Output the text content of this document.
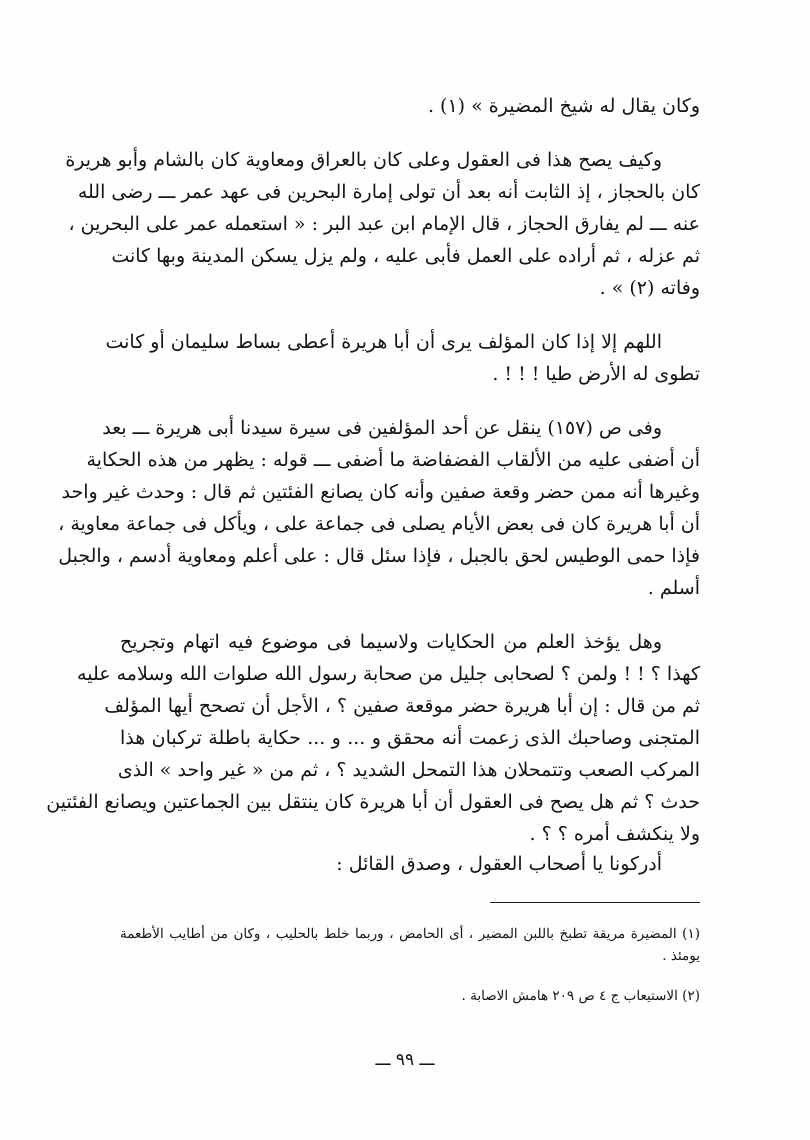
وكان يقال له شيخ المضيرة » (١) .
وكيف يصح هذا فى العقول وعلى كان بالعراق ومعاوية كان بالشام وأبو هريرة
كان بالحجاز ، إذ الثابت أنه بعد أن تولى إمارة البحرين فى عهد عمر ـــ رضى الله
عنه ـــ لم يفارق الحجاز ، قال الإمام ابن عبد البر : « استعمله عمر على البحرين ،
ثم عزله ، ثم أراده على العمل فأبى عليه ، ولم يزل يسكن المدينة وبها كانت
وفاته (٢) » .
اللهم إلا إذا كان المؤلف يرى أن أبا هريرة أعطى بساط سليمان أو كانت
تطوى له الأرض طيا ! ! ! .
وفى ص (١٥٧) ينقل عن أحد المؤلفين فى سيرة سيدنا أبى هريرة ـــ بعد
أن أضفى عليه من الألقاب الفضفاضة ما أضفى ـــ قوله : يظهر من هذه الحكاية
وغيرها أنه ممن حضر وقعة صفين وأنه كان يصانع الفئتين ثم قال : وحدث غير واحد
أن أبا هريرة كان فى بعض الأيام يصلى فى جماعة على ، ويأكل فى جماعة معاوية ،
فإذا حمى الوطيس لحق بالجبل ، فإذا سئل قال : على أعلم ومعاوية أدسم ، والجبل
أسلم .
وهل يؤخذ العلم من الحكايات ولاسيما فى موضوع فيه اتهام وتجريح
كهذا ؟ ! ! ولمن ؟ لصحابى جليل من صحابة رسول الله صلوات الله وسلامه عليه
ثم من قال : إن أبا هريرة حضر موقعة صفين ؟ ، الأجل أن تصحح أيها المؤلف
المتجنى وصاحبك الذى زعمت أنه محقق و ... و ... حكاية باطلة تركبان هذا
المركب الصعب وتتمحلان هذا التمحل الشديد ؟ ، ثم من « غير واحد » الذى
حدث ؟ ثم هل يصح فى العقول أن أبا هريرة كان ينتقل بين الجماعتين ويصانع الفئتين
ولا ينكشف أمره ؟ ؟ .
أدركونا يا أصحاب العقول ، وصدق القائل :
(١) المضيرة مريقة تطبخ باللبن المضير ، أى الحامض ، وربما خلط بالحليب ، وكان من أطايب الأطعمة
يومئذ .
(٢) الاستيعاب ج ٤ ص ٢٠٩ هامش الاصابة .
ـــ ٩٩ ـــ
